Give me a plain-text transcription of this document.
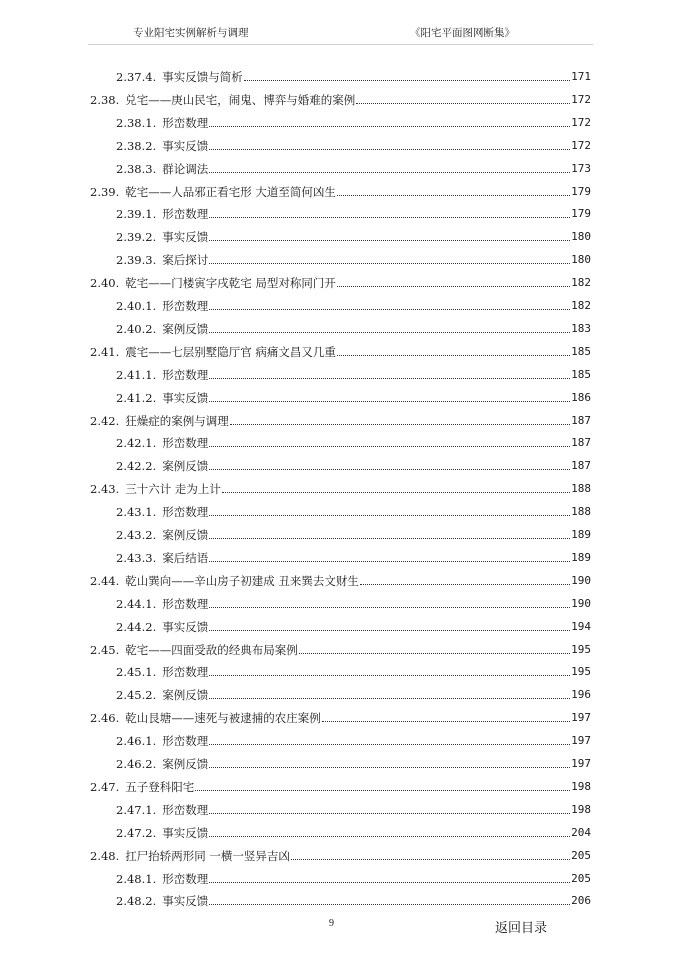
专业阳宅实例解析与调理	《阳宅平面图网断集》
2.37.4. 事实反馈与简析	171
2.38. 兑宅——庚山民宅，闹鬼、博弈与婚难的案例	172
2.38.1. 形峦数理	172
2.38.2. 事实反馈	172
2.38.3. 群论调法	173
2.39. 乾宅——人品邪正看宅形 大道至简何凶生	179
2.39.1. 形峦数理	179
2.39.2. 事实反馈	180
2.39.3. 案后探讨	180
2.40. 乾宅——门楼寅字戌乾宅 局型对称同门开	182
2.40.1. 形峦数理	182
2.40.2. 案例反馈	183
2.41. 震宅——七层别墅隐厅官 病痛文昌又几重	185
2.41.1. 形峦数理	185
2.41.2. 事实反馈	186
2.42. 狂燥症的案例与调理	187
2.42.1. 形峦数理	187
2.42.2. 案例反馈	187
2.43. 三十六计 走为上计	188
2.43.1. 形峦数理	188
2.43.2. 案例反馈	189
2.43.3. 案后结语	189
2.44. 乾山巽向——辛山房子初建成 丑来巽去文财生	190
2.44.1. 形峦数理	190
2.44.2. 事实反馈	194
2.45. 乾宅——四面受敌的经典布局案例	195
2.45.1. 形峦数理	195
2.45.2. 案例反馈	196
2.46. 乾山艮塘——速死与被逮捕的农庄案例	197
2.46.1. 形峦数理	197
2.46.2. 案例反馈	197
2.47. 五子登科阳宅	198
2.47.1. 形峦数理	198
2.47.2. 事实反馈	204
2.48. 扛尸抬轿两形同 一横一竖异吉凶	205
2.48.1. 形峦数理	205
2.48.2. 事实反馈	206
9	返回目录
